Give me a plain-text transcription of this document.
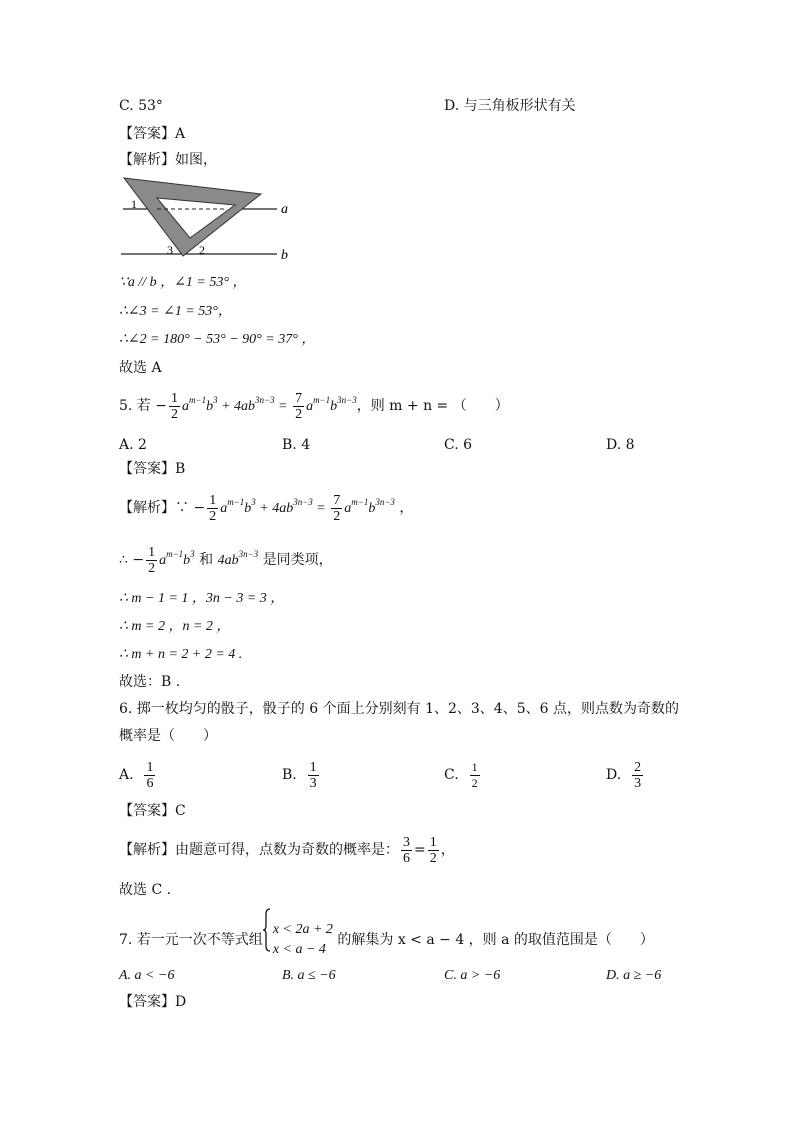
C. 53°	D. 与三角板形状有关
【答案】A
【解析】如图，
a
b
1
3 2
∵a // b ，∠1 = 53° ，
∴∠3 = ∠1 = 53°，
∴∠2 = 180° − 53° − 90° = 37° ，
故选 A
5. 若 − $\frac{1}{2} a^{m-1}b^3 + 4ab^{3n-3} = \frac{7}{2} a^{m-1}b^{3n-3}$，则 m + n = （　　）
A. 2	B. 4	C. 6	D. 8
【答案】B
【解析】∵ − $\frac{1}{2} a^{m-1}b^3 + 4ab^{3n-3} = \frac{7}{2} a^{m-1}b^{3n-3}$ ，
∴ − $\frac{1}{2} a^{m-1}b^3$ 和 $4ab^{3n-3}$ 是同类项，
∴ m − 1 = 1 ，3n − 3 = 3 ，
∴ m = 2 ，n = 2 ，
∴ m + n = 2 + 2 = 4 .
故选：B .
6. 掷一枚均匀的骰子，骰子的 6 个面上分别刻有 1、2、3、4、5、6 点，则点数为奇数的
概率是（　　）
A. $\frac{1}{6}$	B. $\frac{1}{3}$	C. $\frac{1}{2}$	D. $\frac{2}{3}$
【答案】C
【解析】由题意可得，点数为奇数的概率是： $\frac{3}{6} = \frac{1}{2}$ ，
故选 C .
7. 若一元一次不等式组
x < 2a + 2
x < a − 4
的解集为 x < a − 4 ，则 a 的取值范围是（　　）
A. a < −6	B. a ≤ −6	C. a > −6	D. a ≥ −6
【答案】D
